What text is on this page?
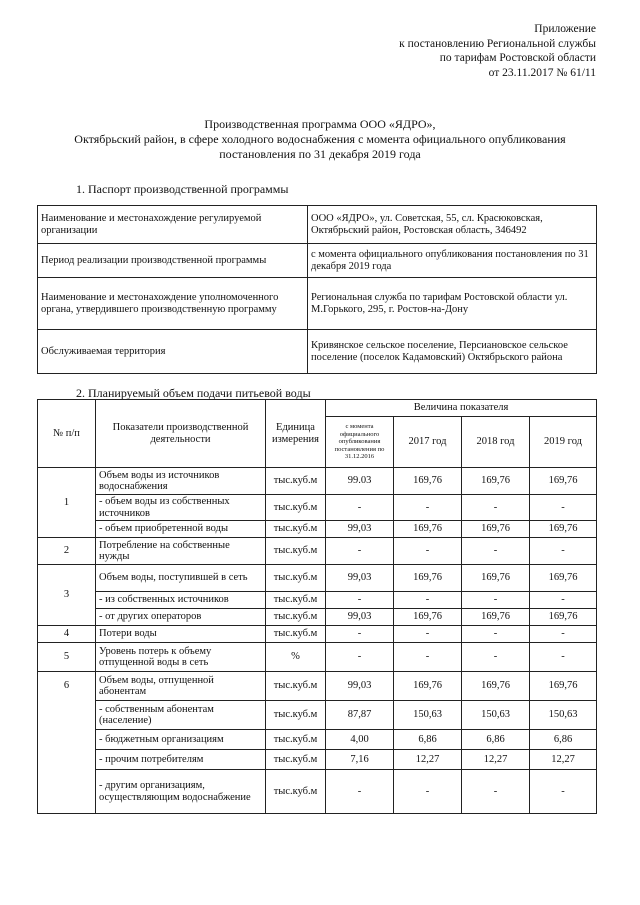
Приложение
к постановлению Региональной службы
по тарифам Ростовской области
от 23.11.2017 № 61/11
Производственная программа ООО «ЯДРО»,
Октябрьский район, в сфере холодного водоснабжения с момента официального опубликования
постановления по 31 декабря 2019 года
1. Паспорт производственной программы
Наименование и местонахождение регулируемой организации	ООО «ЯДРО», ул. Советская, 55, сл. Красюковская, Октябрьский район, Ростовская область, 346492
Период реализации производственной программы	с момента официального опубликования постановления по 31 декабря 2019 года
Наименование и местонахождение уполномоченного органа, утвердившего производственную программу	Региональная служба по тарифам Ростовской области ул. М.Горького, 295, г. Ростов-на-Дону
Обслуживаемая территория	Кривянское сельское поселение, Персиановское сельское поселение (поселок Кадамовский) Октябрьского района
2. Планируемый объем подачи питьевой воды
№ п/п	Показатели производственной деятельности	Единица измерения	Величина показателя			
			с момента официального опубликования постановления по 31.12.2016	2017 год	2018 год	2019 год
1	Объем воды из источников водоснабжения	тыс.куб.м	99.03	169,76	169,76	169,76
	- объем воды из собственных источников	тыс.куб.м	-	-	-	-
	- объем приобретенной воды	тыс.куб.м	99,03	169,76	169,76	169,76
2	Потребление на собственные нужды	тыс.куб.м	-	-	-	-
3	Объем воды, поступившей в сеть	тыс.куб.м	99,03	169,76	169,76	169,76
	- из собственных источников	тыс.куб.м	-	-	-	-
	- от других операторов	тыс.куб.м	99,03	169,76	169,76	169,76
4	Потери воды	тыс.куб.м	-	-	-	-
5	Уровень потерь к объему отпущенной воды в сеть	%	-	-	-	-
6	Объем воды, отпущенной абонентам	тыс.куб.м	99,03	169,76	169,76	169,76
	- собственным абонентам (население)	тыс.куб.м	87,87	150,63	150,63	150,63
	- бюджетным организациям	тыс.куб.м	4,00	6,86	6,86	6,86
	- прочим потребителям	тыс.куб.м	7,16	12,27	12,27	12,27
	- другим организациям, осуществляющим водоснабжение	тыс.куб.м	-	-	-	-
